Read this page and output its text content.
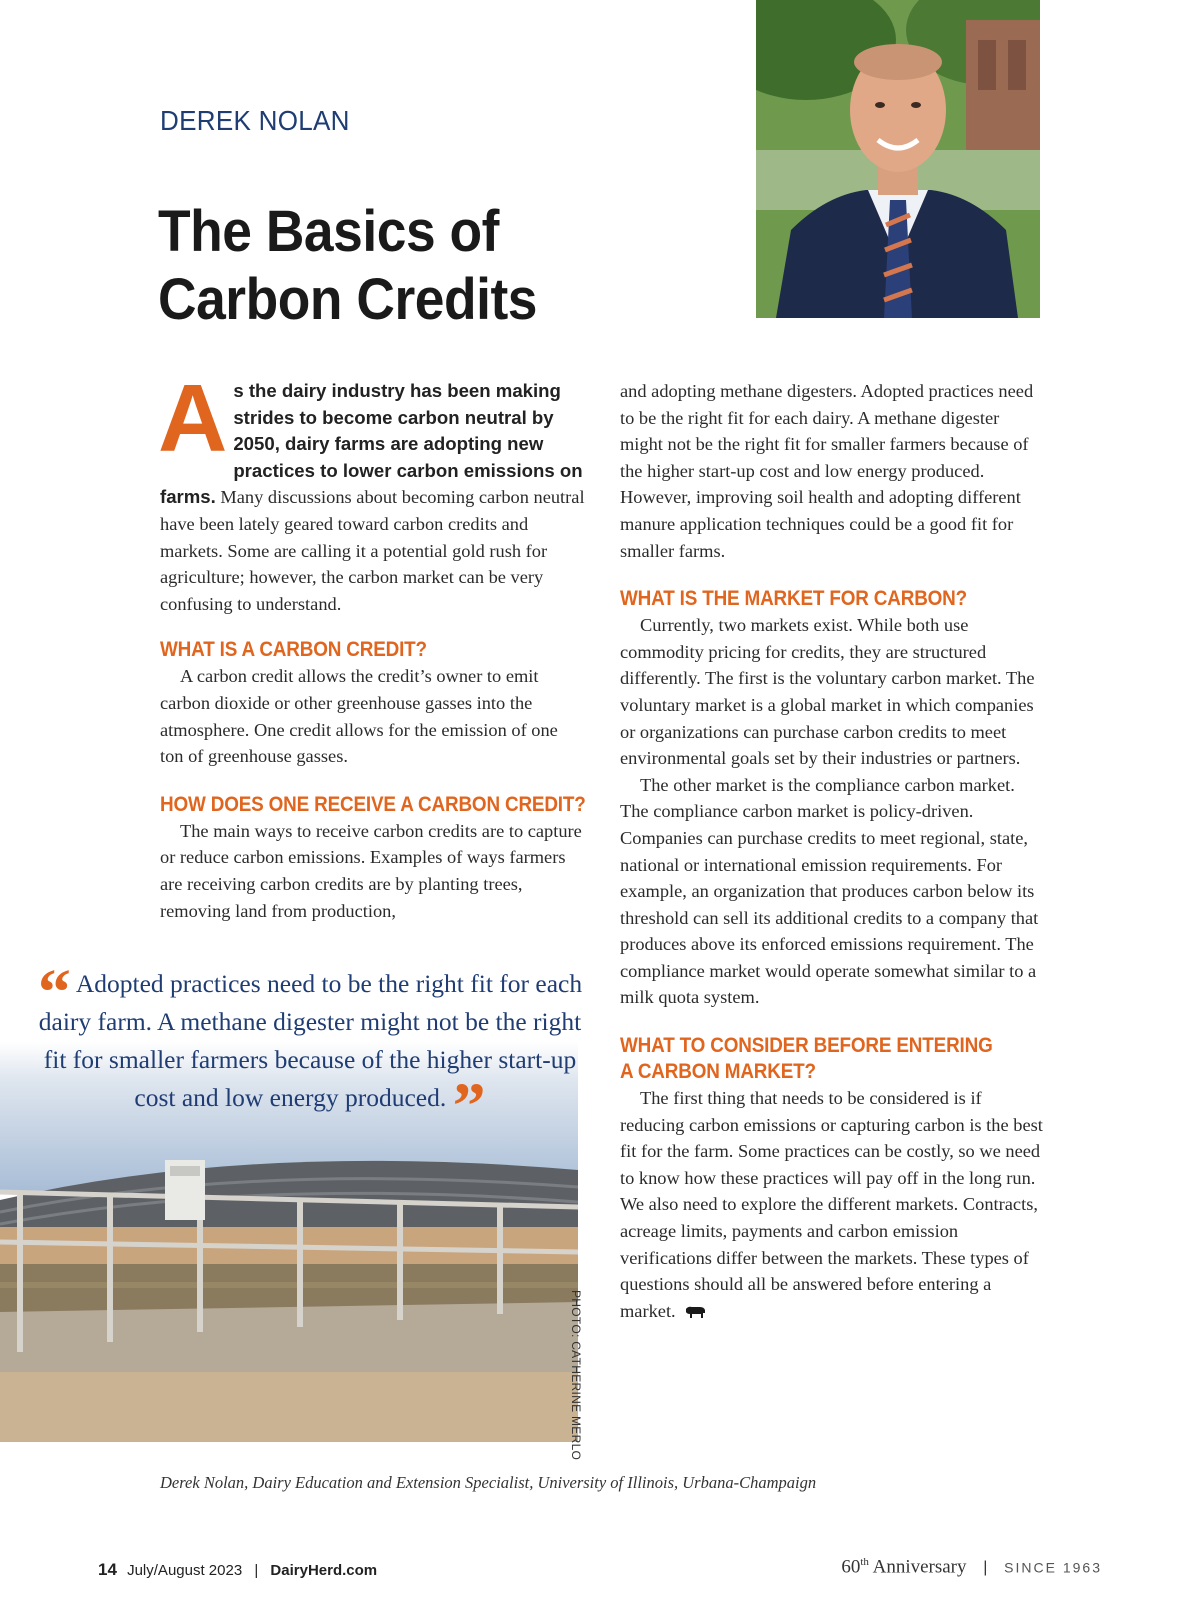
DEREK NOLAN
The Basics of
Carbon Credits

As the dairy industry has been making strides to become carbon neutral by 2050, dairy farms are adopting new practices to lower carbon emissions on farms. Many discussions about becoming carbon neutral have been lately geared toward carbon credits and markets. Some are calling it a potential gold rush for agriculture; however, the carbon market can be very confusing to understand.

WHAT IS A CARBON CREDIT?

A carbon credit allows the credit’s owner to emit carbon dioxide or other greenhouse gasses into the atmosphere. One credit allows for the emission of one ton of greenhouse gasses.

HOW DOES ONE RECEIVE A CARBON CREDIT?

The main ways to receive carbon credits are to capture or reduce carbon emissions. Examples of ways farmers are receiving carbon credits are by planting trees, removing land from production,

and adopting methane digesters. Adopted practices need to be the right fit for each dairy. A methane digester might not be the right fit for smaller farmers because of the higher start-up cost and low energy produced. However, improving soil health and adopting different manure application techniques could be a good fit for smaller farms.

WHAT IS THE MARKET FOR CARBON?

Currently, two markets exist. While both use commodity pricing for credits, they are structured differently. The first is the voluntary carbon market. The voluntary market is a global market in which companies or organizations can purchase carbon credits to meet environmental goals set by their industries or partners.

The other market is the compliance carbon market. The compliance carbon market is policy-driven. Companies can purchase credits to meet regional, state, national or international emission requirements. For example, an organization that produces carbon below its threshold can sell its additional credits to a company that produces above its enforced emissions requirement. The compliance market would operate somewhat similar to a milk quota system.

WHAT TO CONSIDER BEFORE ENTERING
A CARBON MARKET?

The first thing that needs to be considered is if reducing carbon emissions or capturing carbon is the best fit for the farm. Some practices can be costly, so we need to know how these practices will pay off in the long run. We also need to explore the different markets. Contracts, acreage limits, payments and carbon emission verifications differ between the markets. These types of questions should all be answered before entering a market.

“ Adopted practices need to be the right fit for each dairy farm. A methane digester might not be the right fit for smaller farmers because of the higher start-up cost and low energy produced. ”
PHOTO: CATHERINE MERLO
Derek Nolan, Dairy Education and Extension Specialist, University of Illinois, Urbana-Champaign
14 July/August 2023 | DairyHerd.com	60th Anniversary | SINCE 1963
